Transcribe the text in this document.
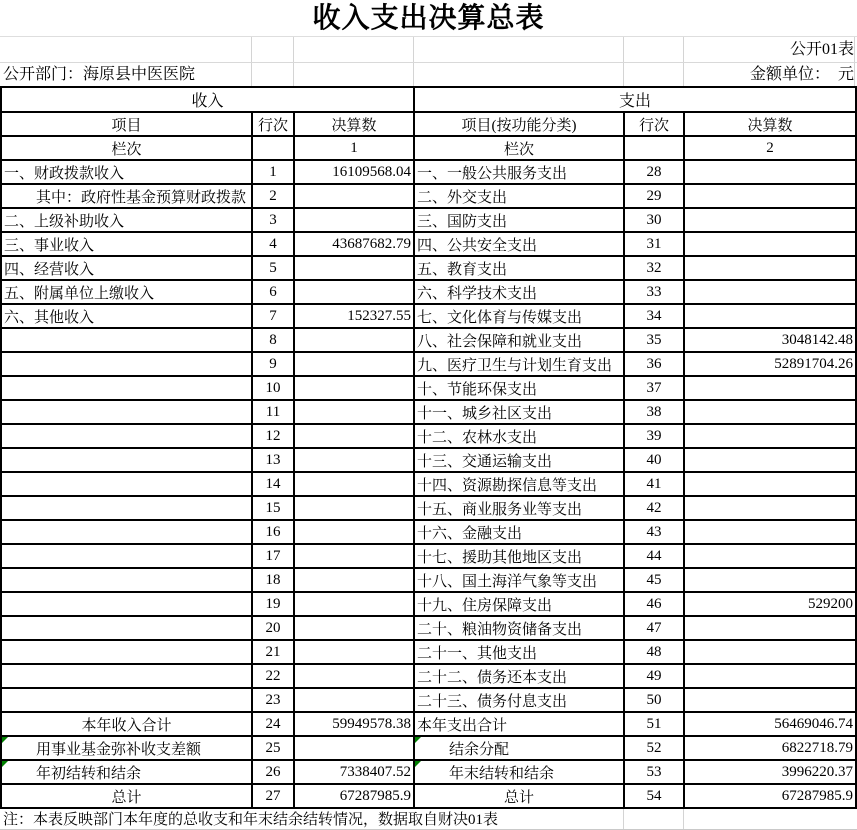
收入支出决算总表
公开01表
公开部门：海原县中医医院	金额单位：　元
收入			支出		
项目	行次	决算数	项目(按功能分类)	行次	决算数
栏次		1	栏次		2
一、财政拨款收入	1	16109568.04	一、一般公共服务支出	28	
其中：政府性基金预算财政拨款	2		二、外交支出	29	
二、上级补助收入	3		三、国防支出	30	
三、事业收入	4	43687682.79	四、公共安全支出	31	
四、经营收入	5		五、教育支出	32	
五、附属单位上缴收入	6		六、科学技术支出	33	
六、其他收入	7	152327.55	七、文化体育与传媒支出	34	
	8		八、社会保障和就业支出	35	3048142.48
	9		九、医疗卫生与计划生育支出	36	52891704.26
	10		十、节能环保支出	37	
	11		十一、城乡社区支出	38	
	12		十二、农林水支出	39	
	13		十三、交通运输支出	40	
	14		十四、资源勘探信息等支出	41	
	15		十五、商业服务业等支出	42	
	16		十六、金融支出	43	
	17		十七、援助其他地区支出	44	
	18		十八、国土海洋气象等支出	45	
	19		十九、住房保障支出	46	529200
	20		二十、粮油物资储备支出	47	
	21		二十一、其他支出	48	
	22		二十二、债务还本支出	49	
	23		二十三、债务付息支出	50	
本年收入合计	24	59949578.38	本年支出合计	51	56469046.74

用事业基金弥补收支差额	25		结余分配	52	6822718.79

年初结转和结余	26	7338407.52	年末结转和结余	53	3996220.37
总计	27	67287985.9	总计	54	67287985.9
注：本表反映部门本年度的总收支和年末结余结转情况，数据取自财决01表
